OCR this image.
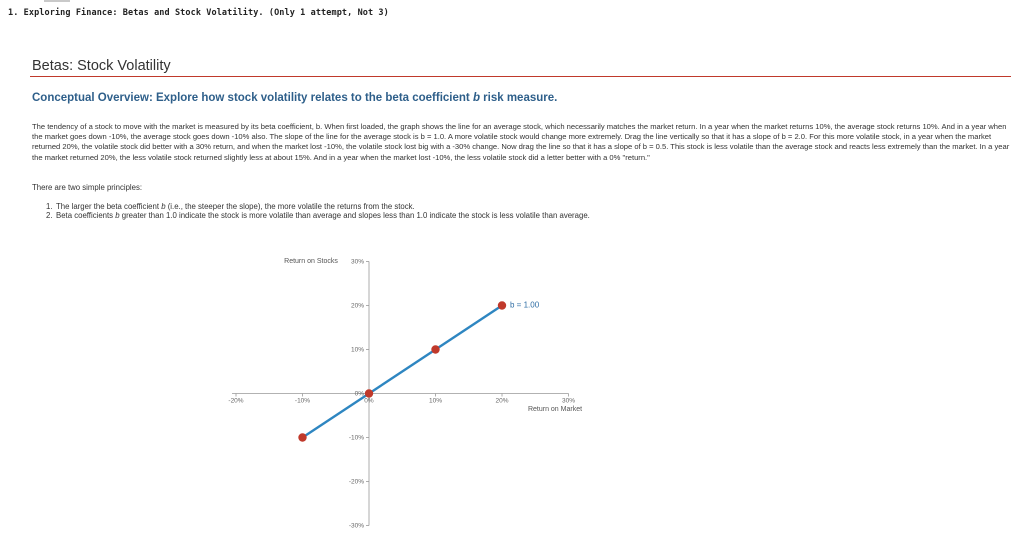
1. Exploring Finance: Betas and Stock Volatility. (Only 1 attempt, Not 3)
Betas: Stock Volatility
Conceptual Overview: Explore how stock volatility relates to the beta coefficient b risk measure.
The tendency of a stock to move with the market is measured by its beta coefficient, b. When first loaded, the graph shows the line for an average stock, which necessarily matches the market return. In a year when the market returns 10%, the average stock returns 10%. And in a year when the market goes down -10%, the average stock goes down -10% also. The slope of the line for the average stock is b = 1.0. A more volatile stock would change more extremely. Drag the line vertically so that it has a slope of b = 2.0. For this more volatile stock, in a year when the market returned 20%, the volatile stock did better with a 30% return, and when the market lost -10%, the volatile stock lost big with a -30% change. Now drag the line so that it has a slope of b = 0.5. This stock is less volatile than the average stock and reacts less extremely than the market. In a year the market returned 20%, the less volatile stock returned slightly less at about 15%. And in a year when the market lost -10%, the less volatile stock did a letter better with a 0% "return."
There are two simple principles:
1. The larger the beta coefficient b (i.e., the steeper the slope), the more volatile the returns from the stock.
2. Beta coefficients b greater than 1.0 indicate the stock is more volatile than average and slopes less than 1.0 indicate the stock is less volatile than average.
-20%	-10%	0%	10%	20%	30%
-30%
-20%
-10%
0%
10%
20%
30%
Return on Stocks
Return on Market
b = 1.00
